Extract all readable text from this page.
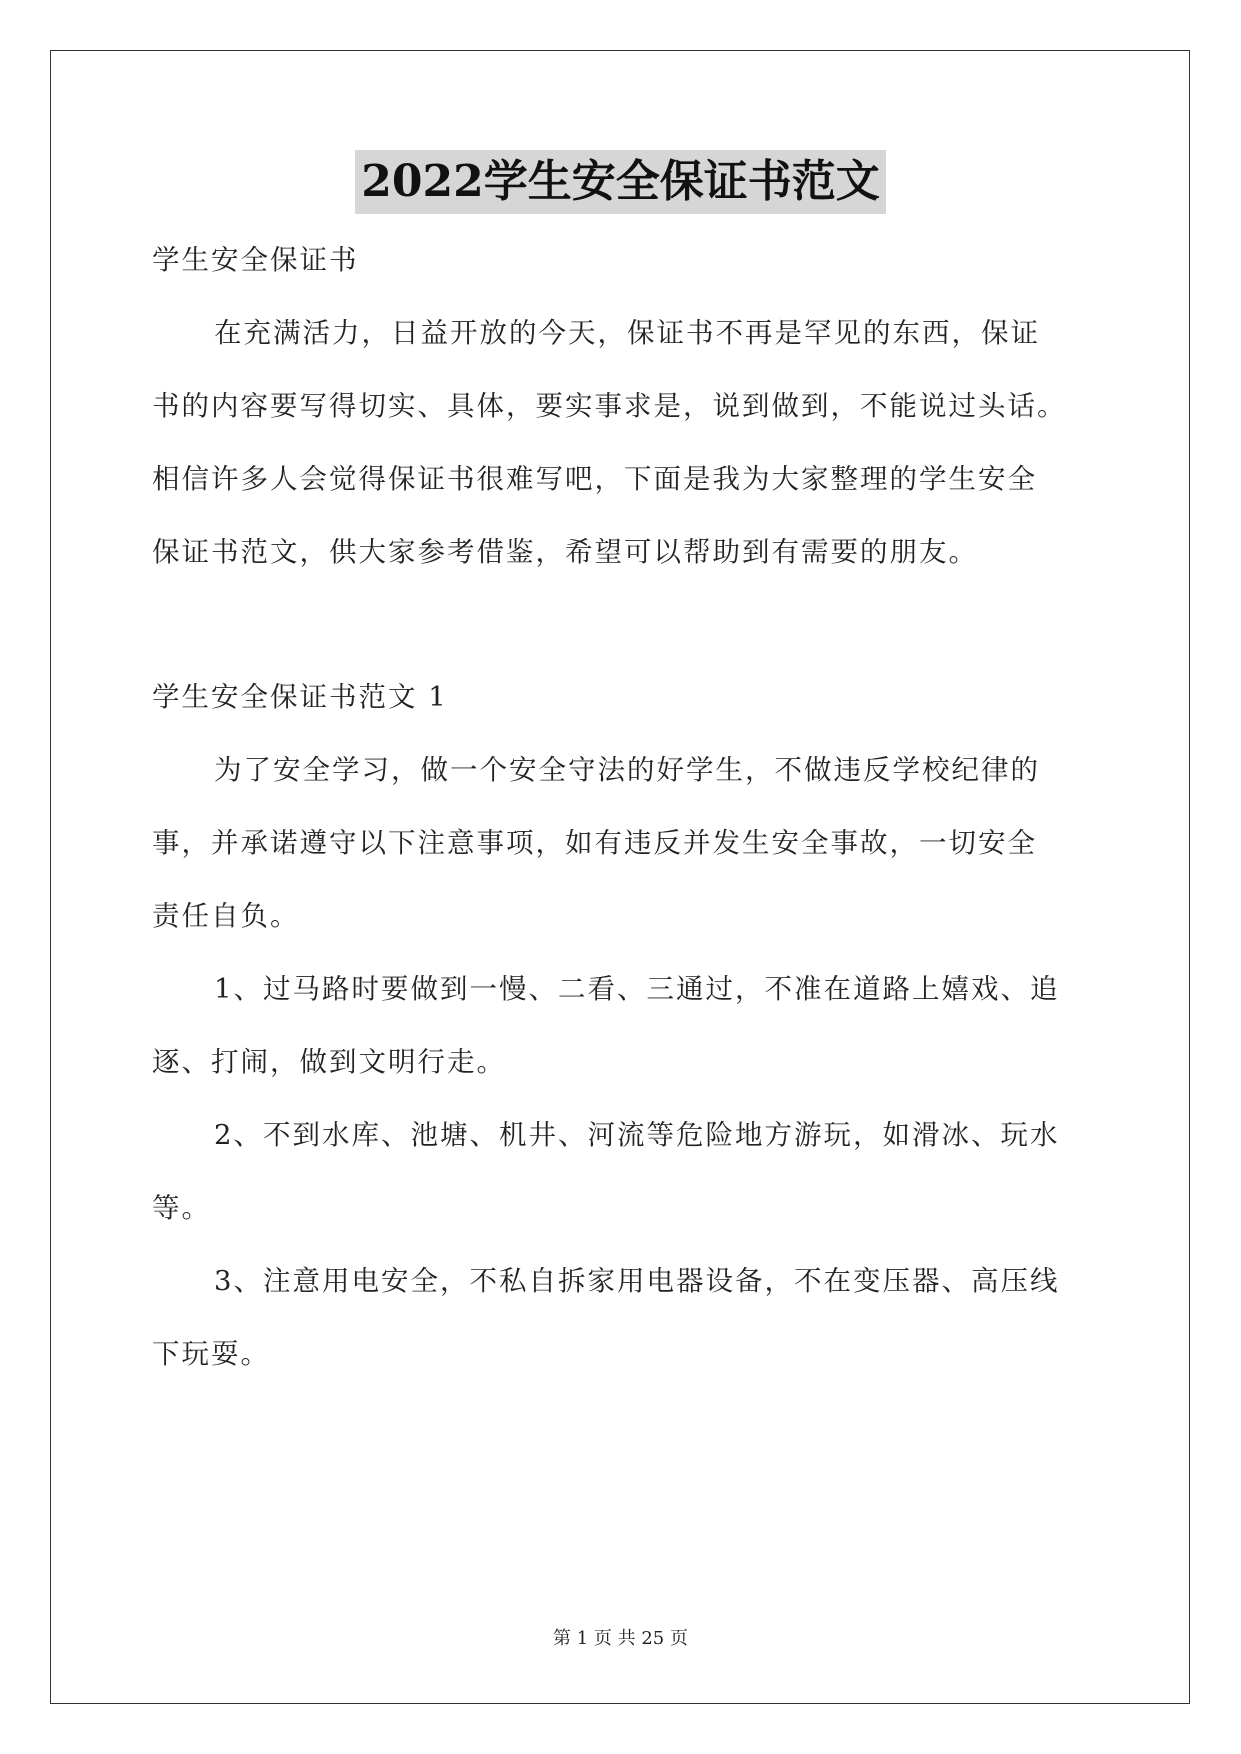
2022学生安全保证书范文
学生安全保证书
在充满活力，日益开放的今天，保证书不再是罕见的东西，保证
书的内容要写得切实、具体，要实事求是，说到做到，不能说过头话。
相信许多人会觉得保证书很难写吧，下面是我为大家整理的学生安全
保证书范文，供大家参考借鉴，希望可以帮助到有需要的朋友。
学生安全保证书范文 1
为了安全学习，做一个安全守法的好学生，不做违反学校纪律的
事，并承诺遵守以下注意事项，如有违反并发生安全事故，一切安全
责任自负。
1、过马路时要做到一慢、二看、三通过，不准在道路上嬉戏、追
逐、打闹，做到文明行走。
2、不到水库、池塘、机井、河流等危险地方游玩，如滑冰、玩水
等。
3、注意用电安全，不私自拆家用电器设备，不在变压器、高压线
下玩耍。
第 1 页 共 25 页
